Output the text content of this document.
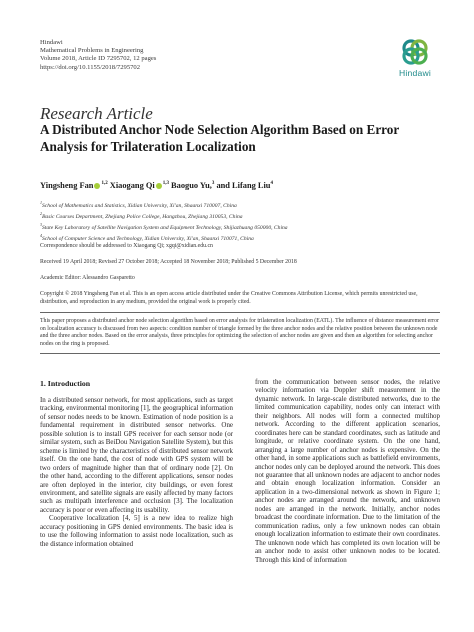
Hindawi
Mathematical Problems in Engineering
Volume 2018, Article ID 7295702, 12 pages
https://doi.org/10.1155/2018/7295702
Hindawi
Research Article
A Distributed Anchor Node Selection Algorithm Based on Error Analysis for Trilateration Localization
Yingsheng Fan $^{1,2}$ Xiaogang Qi $^{1,3}$ Baoguo Yu,$^3$ and Lifang Liu$^4$
$^1$School of Mathematics and Statistics, Xidian University, Xi'an, Shaanxi 710007, China
$^2$Basic Courses Department, Zhejiang Police College, Hangzhou, Zhejiang 310053, China
$^3$State Key Laboratory of Satellite Navigation System and Equipment Technology, Shijiazhuang 050000, China
$^4$School of Computer Science and Technology, Xidian University, Xi'an, Shaanxi 710071, China
Correspondence should be addressed to Xiaogang Qi; xgqi@xidian.edu.cn
Received 19 April 2018; Revised 27 October 2018; Accepted 18 November 2018; Published 5 December 2018
Academic Editor: Alessandro Gasparetto
Copyright © 2018 Yingsheng Fan et al. This is an open access article distributed under the Creative Commons Attribution License, which permits unrestricted use, distribution, and reproduction in any medium, provided the original work is properly cited.
This paper proposes a distributed anchor node selection algorithm based on error analysis for trilateration localization (EATL). The influence of distance measurement error on localization accuracy is discussed from two aspects: condition number of triangle formed by the three anchor nodes and the relative position between the unknown node and the three anchor nodes. Based on the error analysis, three principles for optimizing the selection of anchor nodes are given and then an algorithm for selecting anchor nodes on the ring is proposed.
1. Introduction

In a distributed sensor network, for most applications, such as target tracking, environmental monitoring [1], the geographical information of sensor nodes needs to be known. Estimation of node position is a fundamental requirement in distributed sensor networks. One possible solution is to install GPS receiver for each sensor node (or similar system, such as BeiDou Navigation Satellite System), but this scheme is limited by the characteristics of distributed sensor network itself. On the one hand, the cost of node with GPS system will be two orders of magnitude higher than that of ordinary node [2]. On the other hand, according to the different applications, sensor nodes are often deployed in the interior, city buildings, or even forest environment, and satellite signals are easily affected by many factors such as multipath interference and occlusion [3]. The localization accuracy is poor or even affecting its usability.

Cooperative localization [4, 5] is a new idea to realize high accuracy positioning in GPS denied environments. The basic idea is to use the following information to assist node localization, such as the distance information obtained

from the communication between sensor nodes, the relative velocity information via Doppler shift measurement in the dynamic network. In large-scale distributed networks, due to the limited communication capability, nodes only can interact with their neighbors. All nodes will form a connected multihop network. According to the different application scenarios, coordinates here can be standard coordinates, such as latitude and longitude, or relative coordinate system. On the one hand, arranging a large number of anchor nodes is expensive. On the other hand, in some applications such as battlefield environments, anchor nodes only can be deployed around the network. This does not guarantee that all unknown nodes are adjacent to anchor nodes and obtain enough localization information. Consider an application in a two-dimensional network as shown in Figure 1; anchor nodes are arranged around the network, and unknown nodes are arranged in the network. Initially, anchor nodes broadcast the coordinate information. Due to the limitation of the communication radius, only a few unknown nodes can obtain enough localization information to estimate their own coordinates. The unknown node which has completed its own location will be an anchor node to assist other unknown nodes to be located. Through this kind of information
